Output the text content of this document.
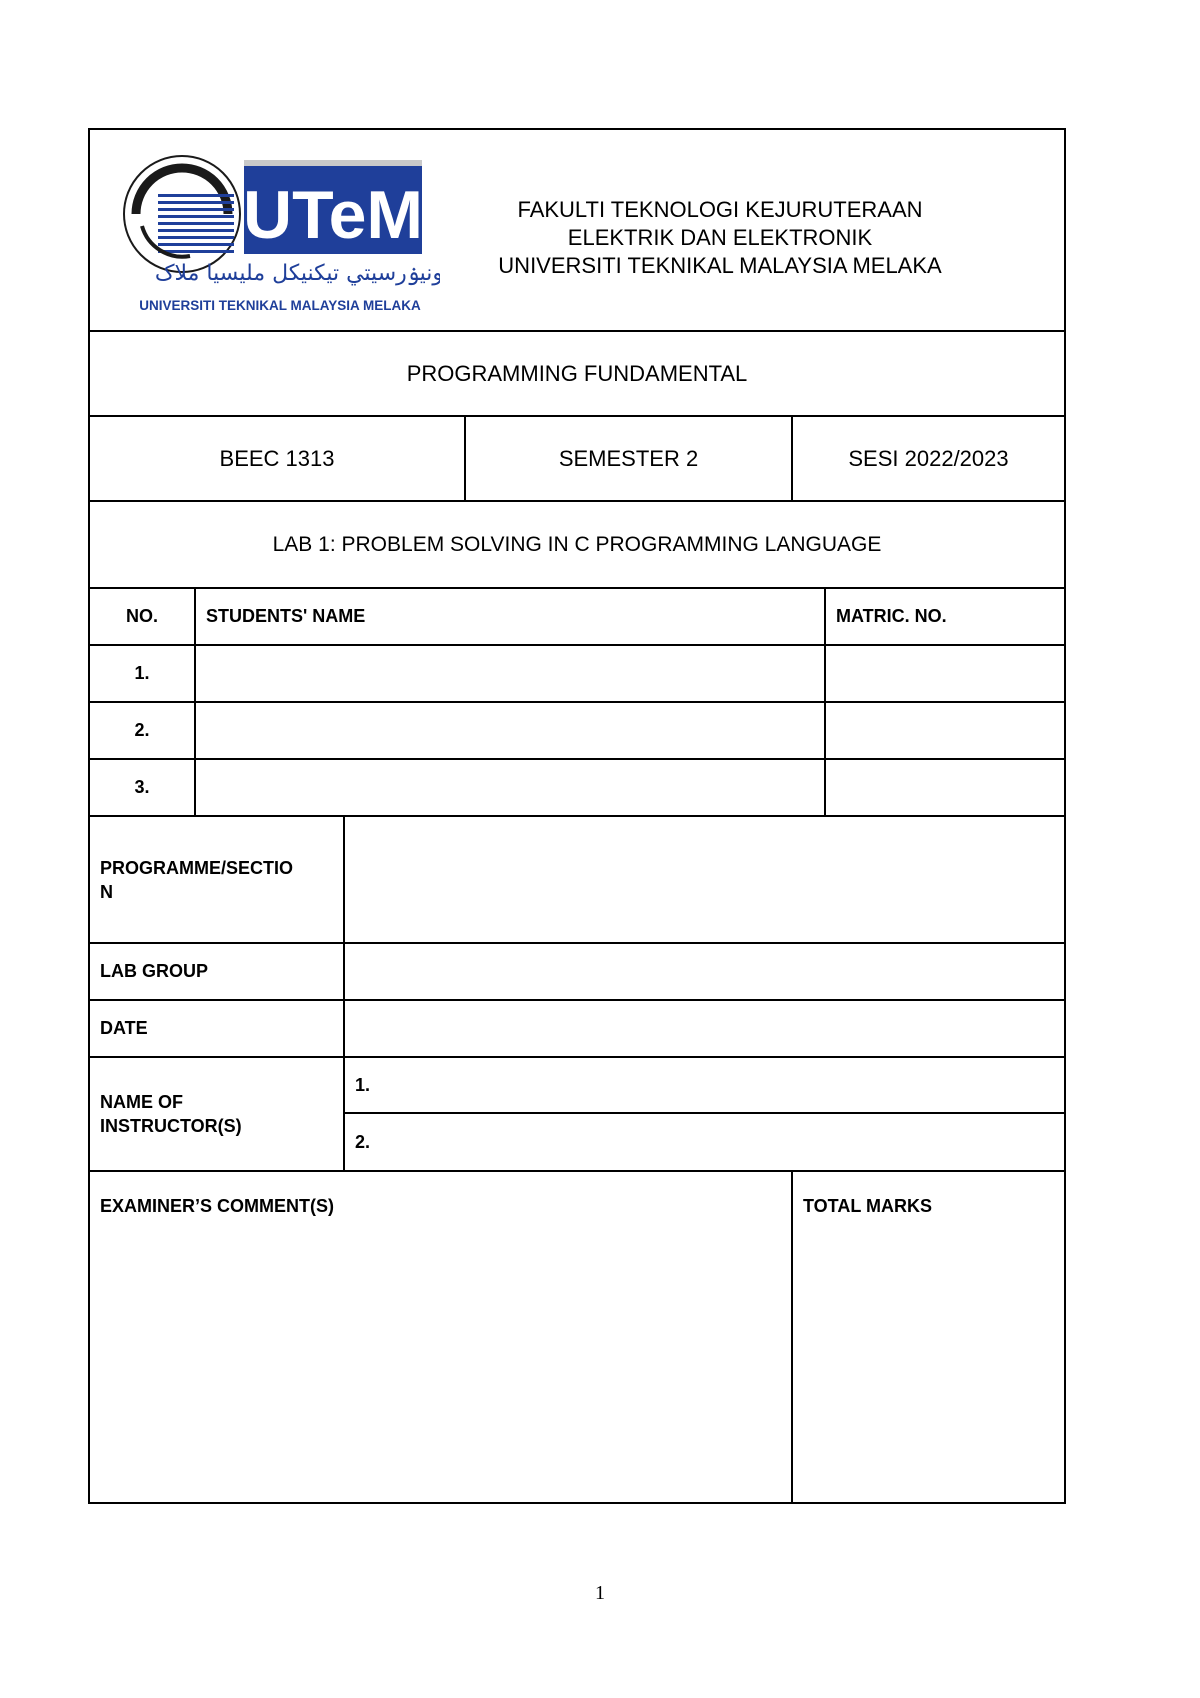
UTeM
اونيۏرسيتي تيکنيکل مليسيا ملاک
UNIVERSITI TEKNIKAL MALAYSIA MELAKA
FAKULTI TEKNOLOGI KEJURUTERAAN
ELEKTRIK DAN ELEKTRONIK
UNIVERSITI TEKNIKAL MALAYSIA MELAKA
PROGRAMMING FUNDAMENTAL
BEEC 1313	SEMESTER 2	SESI 2022/2023
LAB 1: PROBLEM SOLVING IN C PROGRAMMING LANGUAGE
NO.	STUDENTS' NAME	MATRIC. NO.
1.
2.
3.
PROGRAMME/SECTIO
N
LAB GROUP
DATE
NAME OF
INSTRUCTOR(S)
1.
2.
EXAMINER’S COMMENT(S)	TOTAL MARKS
1
